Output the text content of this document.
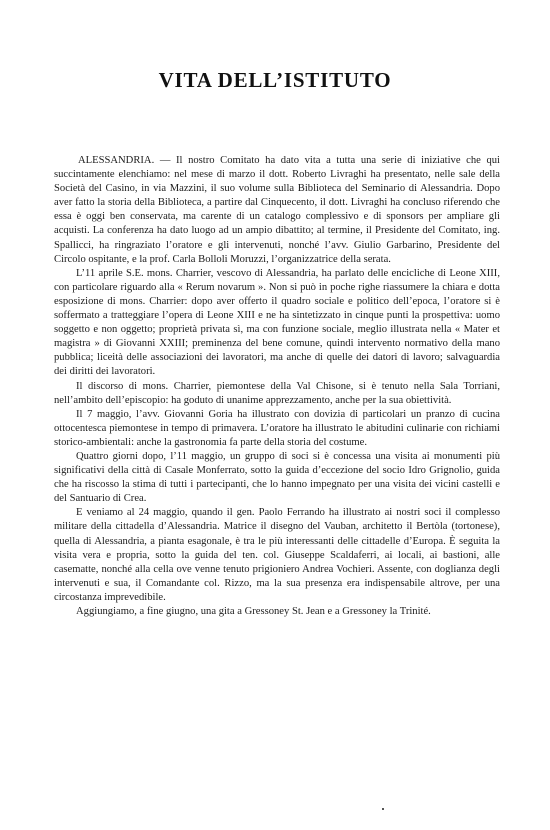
VITA DELL’ISTITUTO

ALESSANDRIA. — Il nostro Comitato ha dato vita a tutta una serie di iniziative che qui succintamente elenchiamo: nel mese di marzo il dott. Roberto Livraghi ha presentato, nelle sale della Società del Casino, in via Mazzini, il suo volume sulla Biblioteca del Seminario di Alessandria. Dopo aver fatto la storia della Biblioteca, a partire dal Cinquecento, il dott. Livraghi ha concluso riferendo che essa è oggi ben conservata, ma carente di un catalogo complessivo e di sponsors per ampliare gli acquisti. La conferenza ha dato luogo ad un ampio dibattito; al termine, il Presidente del Comitato, ing. Spallicci, ha ringraziato l’oratore e gli intervenuti, nonché l’avv. Giulio Garbarino, Presidente del Circolo ospitante, e la prof. Carla Bolloli Moruzzi, l’organizzatrice della serata.

L’11 aprile S.E. mons. Charrier, vescovo di Alessandria, ha parlato delle encicliche di Leone XIII, con particolare riguardo alla « Rerum novarum ». Non si può in poche righe riassumere la chiara e dotta esposizione di mons. Charrier: dopo aver offerto il quadro sociale e politico dell’epoca, l’oratore si è soffermato a tratteggiare l’opera di Leone XIII e ne ha sintetizzato in cinque punti la prospettiva: uomo soggetto e non oggetto; proprietà privata sì, ma con funzione sociale, meglio illustrata nella « Mater et magistra » di Giovanni XXIII; preminenza del bene comune, quindi intervento normativo della mano pubblica; liceità delle associazioni dei lavoratori, ma anche di quelle dei datori di lavoro; salvaguardia dei diritti dei lavoratori.

Il discorso di mons. Charrier, piemontese della Val Chisone, si è tenuto nella Sala Torriani, nell’ambito dell’episcopio: ha goduto di unanime apprezzamento, anche per la sua obiettività.

Il 7 maggio, l’avv. Giovanni Goria ha illustrato con dovizia di particolari un pranzo di cucina ottocentesca piemontese in tempo di primavera. L’oratore ha illustrato le abitudini culinarie con richiami storico-ambientali: anche la gastronomia fa parte della storia del costume.

Quattro giorni dopo, l’11 maggio, un gruppo di soci si è concessa una visita ai monumenti più significativi della città di Casale Monferrato, sotto la guida d’eccezione del socio Idro Grignolio, guida che ha riscosso la stima di tutti i partecipanti, che lo hanno impegnato per una visita dei vicini castelli e del Santuario di Crea.

E veniamo al 24 maggio, quando il gen. Paolo Ferrando ha illustrato ai nostri soci il complesso militare della cittadella d’Alessandria. Matrice il disegno del Vauban, architetto il Bertòla (tortonese), quella di Alessandria, a pianta esagonale, è tra le più interessanti delle cittadelle d’Europa. È seguita la visita vera e propria, sotto la guida del ten. col. Giuseppe Scaldaferri, ai locali, ai bastioni, alle casematte, nonché alla cella ove venne tenuto prigioniero Andrea Vochieri. Assente, con doglianza degli intervenuti e sua, il Comandante col. Rizzo, ma la sua presenza era indispensabile altrove, per una circostanza imprevedibile.

Aggiungiamo, a fine giugno, una gita a Gressoney St. Jean e a Gressoney la Trinité.
